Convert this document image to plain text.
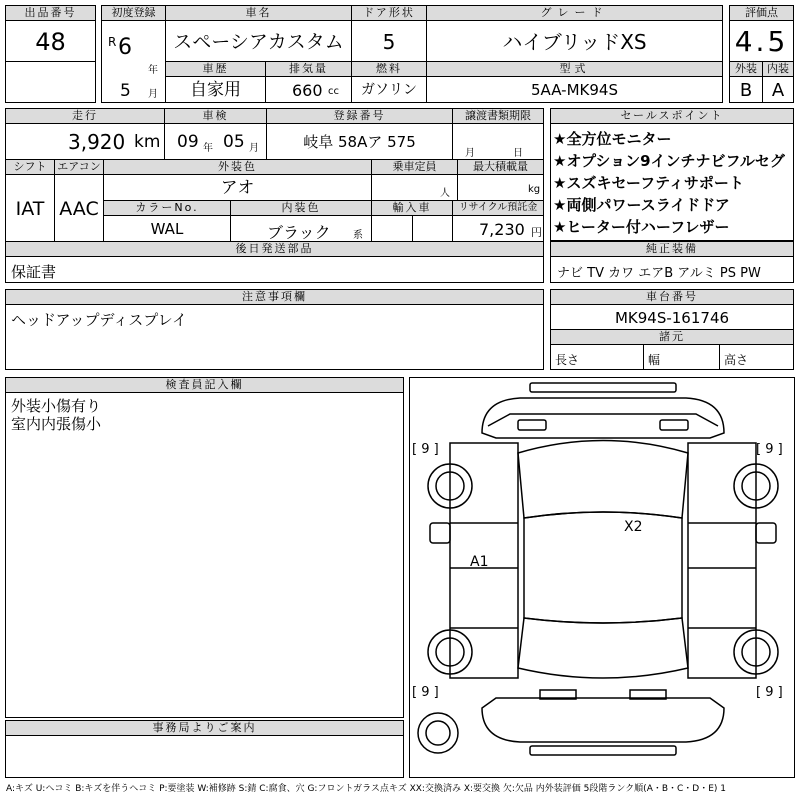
出品番号
48
初度登録
R 6
年
5 月
車名
スペーシアカスタム
ドア形状
5
グレード
ハイブリッドXS
評価点
4.5
車歴
自家用
排気量
660 cc
燃料
ガソリン
型式
5AA-MK94S
外装
B
内装
A
走行
3,920 km
車検
09 年 05 月
登録番号
岐阜 58Aア 575
譲渡書類期限
月	日
シフト
IAT
エアコン
AAC
外装色
アオ
乗車定員
人
最大積載量
kg
カラーNo.
WAL
内装色
ブラック 系
輸入車	リサイクル預託金
7,230 円
後日発送部品
保証書
セールスポイント
★全方位モニター
★オプション9インチナビフルセグ
★スズキセーフティサポート
★両側パワースライドドア
★ヒーター付ハーフレザー
純正装備
ナビ TV カワ エアB アルミ PS PW
注意事項欄
ヘッドアップディスプレイ
車台番号
MK94S-161746
諸元
長さ	幅	高さ
検査員記入欄
外装小傷有り
室内内張傷小
事務局よりご案内
[ 9 ]	[ 9 ]
[ 9 ]	[ 9 ]
A1
X2
A:キズ U:ヘコミ B:キズを伴うヘコミ P:要塗装 W:補修跡 S:錆 C:腐食、穴 G:フロントガラス点キズ XX:交換済み X:要交換 欠:欠品 内外装評価 5段階ランク順(A・B・C・D・E) 1
